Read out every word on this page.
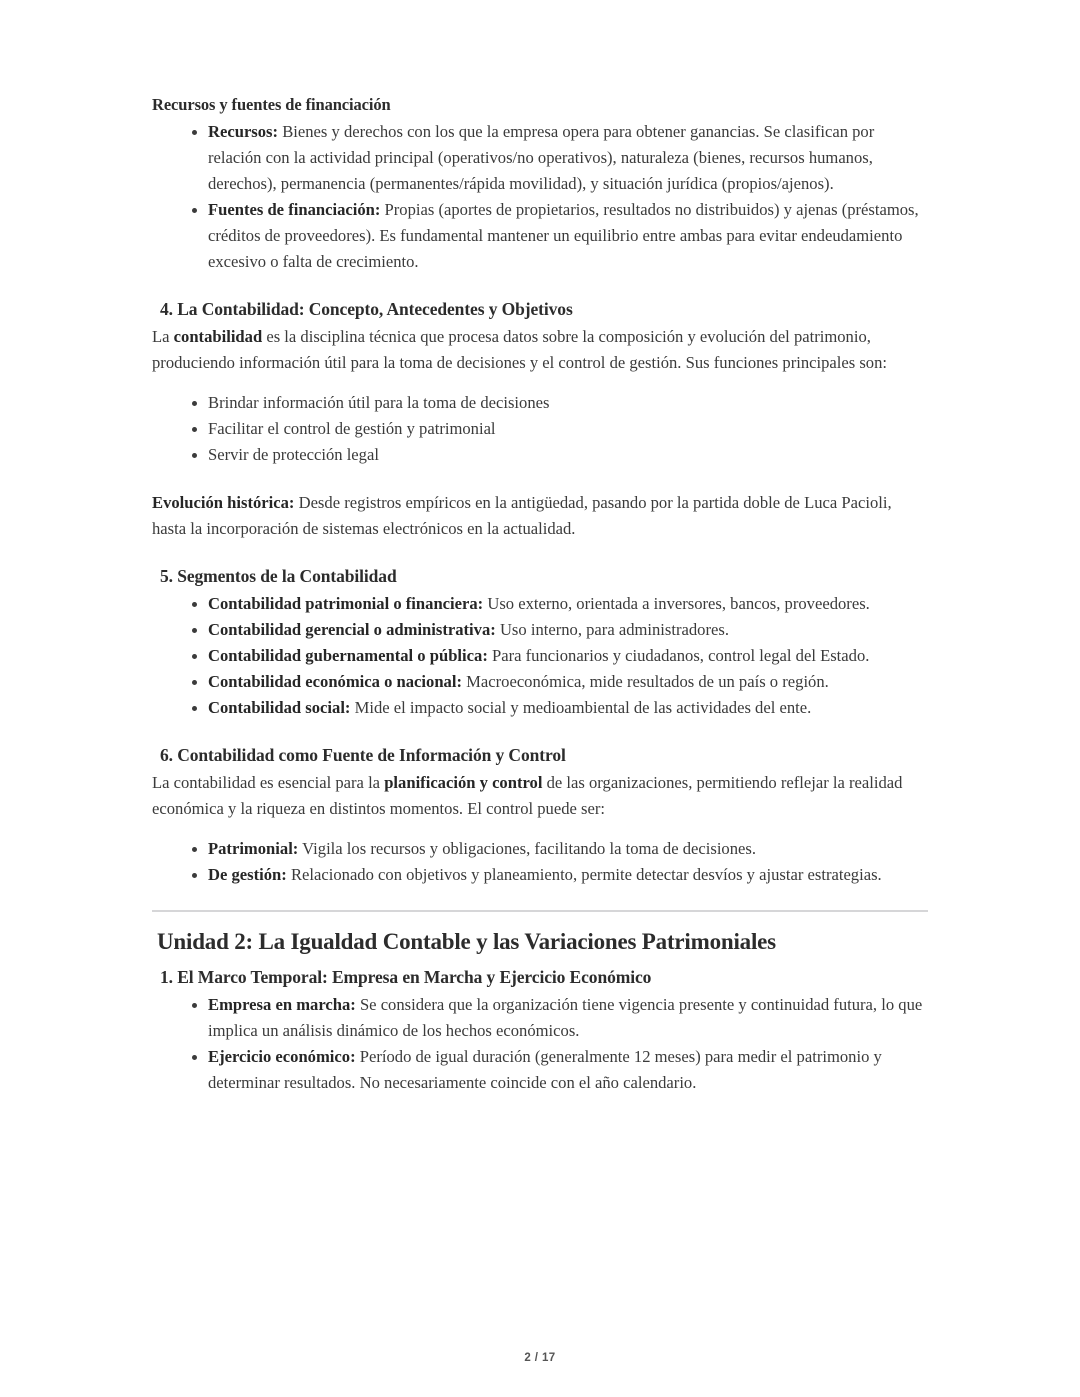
Recursos y fuentes de financiación
Recursos: Bienes y derechos con los que la empresa opera para obtener ganancias. Se clasifican por relación con la actividad principal (operativos/no operativos), naturaleza (bienes, recursos humanos, derechos), permanencia (permanentes/rápida movilidad), y situación jurídica (propios/ajenos).
Fuentes de financiación: Propias (aportes de propietarios, resultados no distribuidos) y ajenas (préstamos, créditos de proveedores). Es fundamental mantener un equilibrio entre ambas para evitar endeudamiento excesivo o falta de crecimiento.
4. La Contabilidad: Concepto, Antecedentes y Objetivos

La contabilidad es la disciplina técnica que procesa datos sobre la composición y evolución del patrimonio, produciendo información útil para la toma de decisiones y el control de gestión. Sus funciones principales son:

Brindar información útil para la toma de decisiones
Facilitar el control de gestión y patrimonial
Servir de protección legal

Evolución histórica: Desde registros empíricos en la antigüedad, pasando por la partida doble de Luca Pacioli, hasta la incorporación de sistemas electrónicos en la actualidad.

5. Segmentos de la Contabilidad
Contabilidad patrimonial o financiera: Uso externo, orientada a inversores, bancos, proveedores.
Contabilidad gerencial o administrativa: Uso interno, para administradores.
Contabilidad gubernamental o pública: Para funcionarios y ciudadanos, control legal del Estado.
Contabilidad económica o nacional: Macroeconómica, mide resultados de un país o región.
Contabilidad social: Mide el impacto social y medioambiental de las actividades del ente.
6. Contabilidad como Fuente de Información y Control

La contabilidad es esencial para la planificación y control de las organizaciones, permitiendo reflejar la realidad económica y la riqueza en distintos momentos. El control puede ser:

Patrimonial: Vigila los recursos y obligaciones, facilitando la toma de decisiones.
De gestión: Relacionado con objetivos y planeamiento, permite detectar desvíos y ajustar estrategias.
Unidad 2: La Igualdad Contable y las Variaciones Patrimoniales
1. El Marco Temporal: Empresa en Marcha y Ejercicio Económico
Empresa en marcha: Se considera que la organización tiene vigencia presente y continuidad futura, lo que implica un análisis dinámico de los hechos económicos.
Ejercicio económico: Período de igual duración (generalmente 12 meses) para medir el patrimonio y determinar resultados. No necesariamente coincide con el año calendario.
2 / 17
